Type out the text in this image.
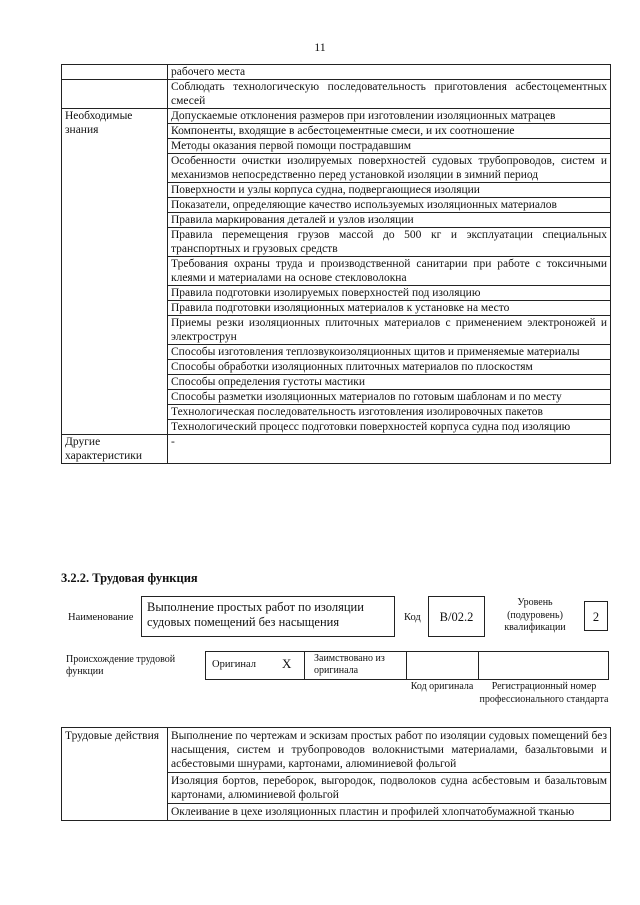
11
	рабочего места
	Соблюдать технологическую последовательность приготовления асбестоцементных смесей
Необходимые знания	Допускаемые отклонения размеров при изготовлении изоляционных матрацев
	Компоненты, входящие в асбестоцементные смеси, и их соотношение
	Методы оказания первой помощи пострадавшим
	Особенности очистки изолируемых поверхностей судовых трубопроводов, систем и механизмов непосредственно перед установкой изоляции в зимний период
	Поверхности и узлы корпуса судна, подвергающиеся изоляции
	Показатели, определяющие качество используемых изоляционных материалов
	Правила маркирования деталей и узлов изоляции
	Правила перемещения грузов массой до 500 кг и эксплуатации специальных транспортных и грузовых средств
	Требования охраны труда и производственной санитарии при работе с токсичными клеями и материалами на основе стекловолокна
	Правила подготовки изолируемых поверхностей под изоляцию
	Правила подготовки изоляционных материалов к установке на место
	Приемы резки изоляционных плиточных материалов с применением электроножей и электрострун
	Способы изготовления теплозвукоизоляционных щитов и применяемые материалы
	Способы обработки изоляционных плиточных материалов по плоскостям
	Способы определения густоты мастики
	Способы разметки изоляционных материалов по готовым шаблонам и по месту
	Технологическая последовательность изготовления изолировочных пакетов
	Технологический процесс подготовки поверхностей корпуса судна под изоляцию
Другие характеристики	-
3.2.2. Трудовая функция
Наименование
Выполнение простых работ по изоляции судовых помещений без насыщения	Код	B/02.2
Уровень (подуровень) квалификации
2
Происхождение трудовой функции
Оригинал X Заимствовано из оригинала
Код оригинала	Регистрационный номер профессионального стандарта
Трудовые действия	Выполнение по чертежам и эскизам простых работ по изоляции судовых помещений без насыщения, систем и трубопроводов волокнистыми материалами, базальтовыми и асбестовыми шнурами, картонами, алюминиевой фольгой
Изоляция бортов, переборок, выгородок, подволоков судна асбестовым и базальтовым картонами, алюминиевой фольгой
Оклеивание в цехе изоляционных пластин и профилей хлопчатобумажной тканью
